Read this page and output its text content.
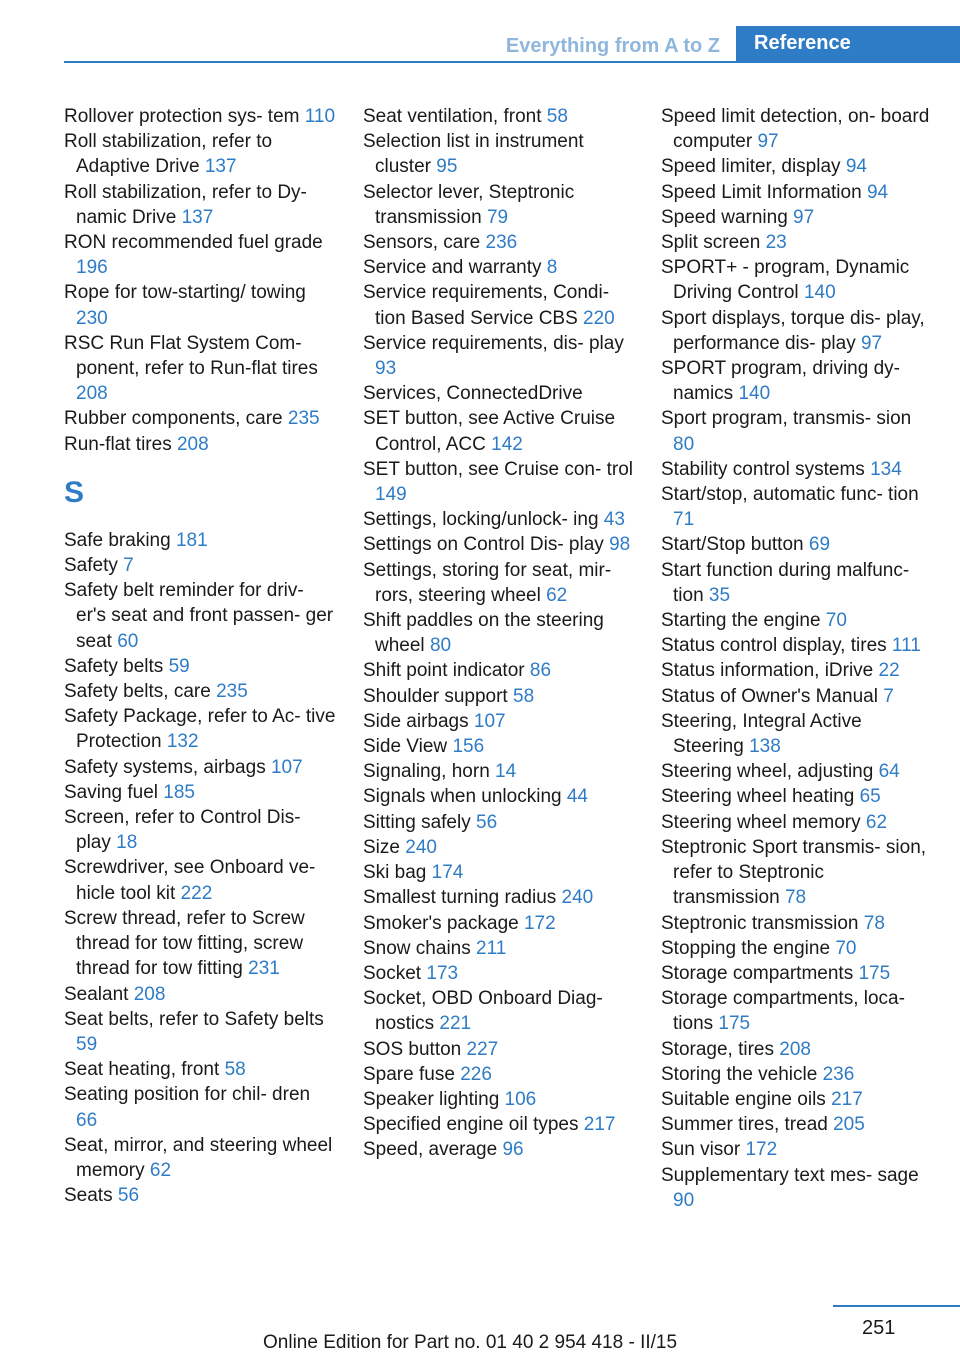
Everything from A to Z	Reference

Rollover protection sys‐ tem 110

Roll stabilization, refer to Adaptive Drive 137

Roll stabilization, refer to Dy‐ namic Drive 137

RON recommended fuel grade 196

Rope for tow-starting/ towing 230

RSC Run Flat System Com‐ ponent, refer to Run-flat tires 208

Rubber components, care 235

Run-flat tires 208

S

Safe braking 181

Safety 7

Safety belt reminder for driv‐ er's seat and front passen‐ ger seat 60

Safety belts 59

Safety belts, care 235

Safety Package, refer to Ac‐ tive Protection 132

Safety systems, airbags 107

Saving fuel 185

Screen, refer to Control Dis‐ play 18

Screwdriver, see Onboard ve‐ hicle tool kit 222

Screw thread, refer to Screw thread for tow fitting, screw thread for tow fitting 231

Sealant 208

Seat belts, refer to Safety belts 59

Seat heating, front 58

Seating position for chil‐ dren 66

Seat, mirror, and steering wheel memory 62

Seats 56

Seat ventilation, front 58

Selection list in instrument cluster 95

Selector lever, Steptronic transmission 79

Sensors, care 236

Service and warranty 8

Service requirements, Condi‐ tion Based Service CBS 220

Service requirements, dis‐ play 93

Services, ConnectedDrive

SET button, see Active Cruise Control, ACC 142

SET button, see Cruise con‐ trol 149

Settings, locking/unlock‐ ing 43

Settings on Control Dis‐ play 98

Settings, storing for seat, mir‐ rors, steering wheel 62

Shift paddles on the steering wheel 80

Shift point indicator 86

Shoulder support 58

Side airbags 107

Side View 156

Signaling, horn 14

Signals when unlocking 44

Sitting safely 56

Size 240

Ski bag 174

Smallest turning radius 240

Smoker's package 172

Snow chains 211

Socket 173

Socket, OBD Onboard Diag‐ nostics 221

SOS button 227

Spare fuse 226

Speaker lighting 106

Specified engine oil types 217

Speed, average 96

Speed limit detection, on‐ board computer 97

Speed limiter, display 94

Speed Limit Information 94

Speed warning 97

Split screen 23

SPORT+ - program, Dynamic Driving Control 140

Sport displays, torque dis‐ play, performance dis‐ play 97

SPORT program, driving dy‐ namics 140

Sport program, transmis‐ sion 80

Stability control systems 134

Start/stop, automatic func‐ tion 71

Start/Stop button 69

Start function during malfunc‐ tion 35

Starting the engine 70

Status control display, tires 111

Status information, iDrive 22

Status of Owner's Manual 7

Steering, Integral Active Steering 138

Steering wheel, adjusting 64

Steering wheel heating 65

Steering wheel memory 62

Steptronic Sport transmis‐ sion, refer to Steptronic transmission 78

Steptronic transmission 78

Stopping the engine 70

Storage compartments 175

Storage compartments, loca‐ tions 175

Storage, tires 208

Storing the vehicle 236

Suitable engine oils 217

Summer tires, tread 205

Sun visor 172

Supplementary text mes‐ sage 90

251
Online Edition for Part no. 01 40 2 954 418 - II/15
